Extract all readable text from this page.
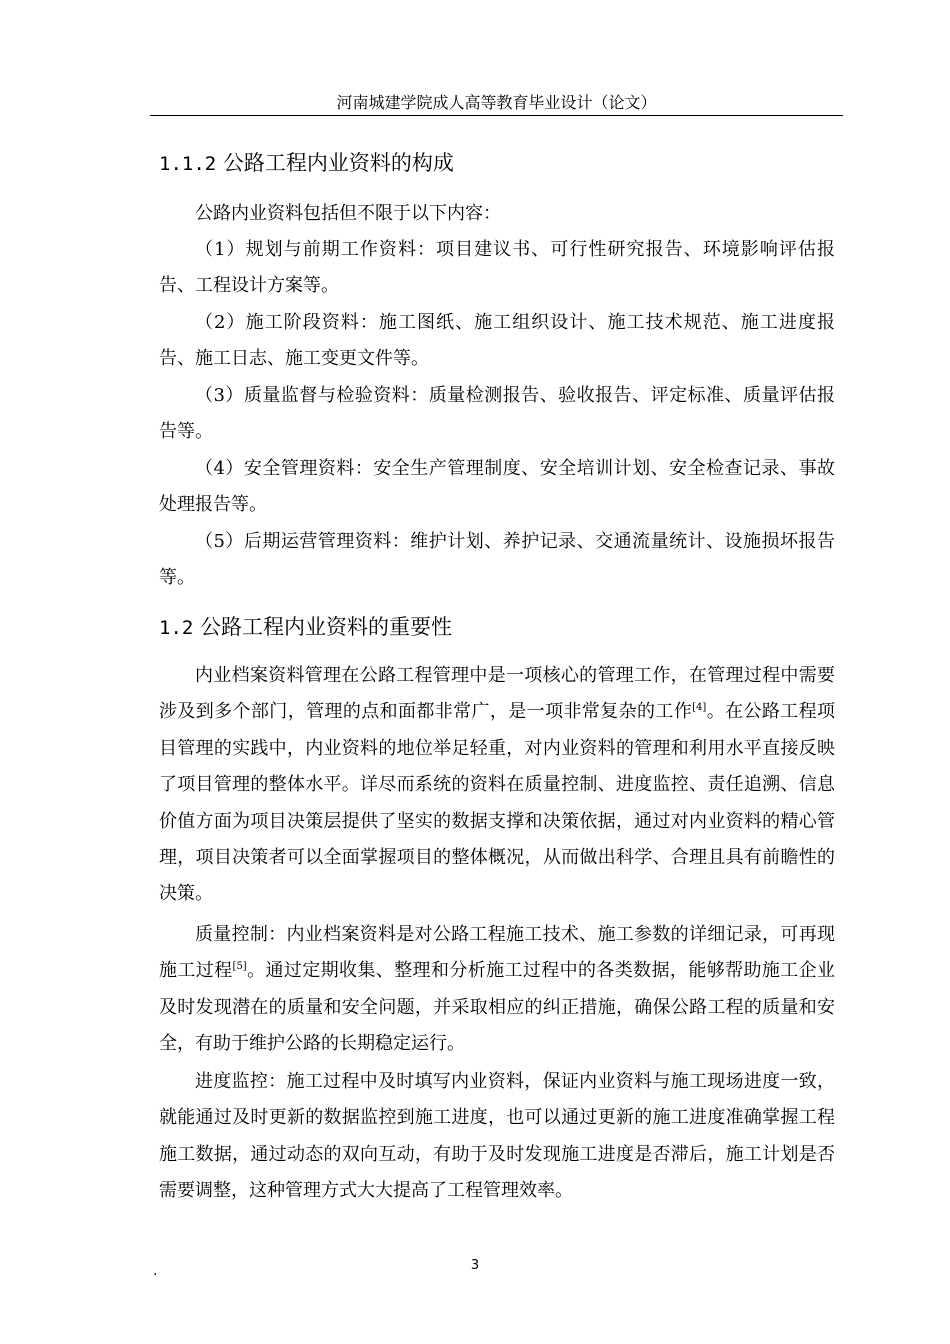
河南城建学院成人高等教育毕业设计（论文）
1.1.2 公路工程内业资料的构成

公路内业资料包括但不限于以下内容：

（1）规划与前期工作资料：项目建议书、可行性研究报告、环境影响评估报告、工程设计方案等。

（2）施工阶段资料：施工图纸、施工组织设计、施工技术规范、施工进度报告、施工日志、施工变更文件等。

（3）质量监督与检验资料：质量检测报告、验收报告、评定标准、质量评估报告等。

（4）安全管理资料：安全生产管理制度、安全培训计划、安全检查记录、事故处理报告等。

（5）后期运营管理资料：维护计划、养护记录、交通流量统计、设施损坏报告等。

1.2 公路工程内业资料的重要性

内业档案资料管理在公路工程管理中是一项核心的管理工作，在管理过程中需要涉及到多个部门，管理的点和面都非常广，是一项非常复杂的工作[4]。在公路工程项目管理的实践中，内业资料的地位举足轻重，对内业资料的管理和利用水平直接反映了项目管理的整体水平。详尽而系统的资料在质量控制、进度监控、责任追溯、信息价值方面为项目决策层提供了坚实的数据支撑和决策依据，通过对内业资料的精心管理，项目决策者可以全面掌握项目的整体概况，从而做出科学、合理且具有前瞻性的决策。

质量控制：内业档案资料是对公路工程施工技术、施工参数的详细记录，可再现施工过程[5]。通过定期收集、整理和分析施工过程中的各类数据，能够帮助施工企业及时发现潜在的质量和安全问题，并采取相应的纠正措施，确保公路工程的质量和安全，有助于维护公路的长期稳定运行。

进度监控：施工过程中及时填写内业资料，保证内业资料与施工现场进度一致，就能通过及时更新的数据监控到施工进度，也可以通过更新的施工进度准确掌握工程施工数据，通过动态的双向互动，有助于及时发现施工进度是否滞后，施工计划是否需要调整，这种管理方式大大提高了工程管理效率。

.	3
